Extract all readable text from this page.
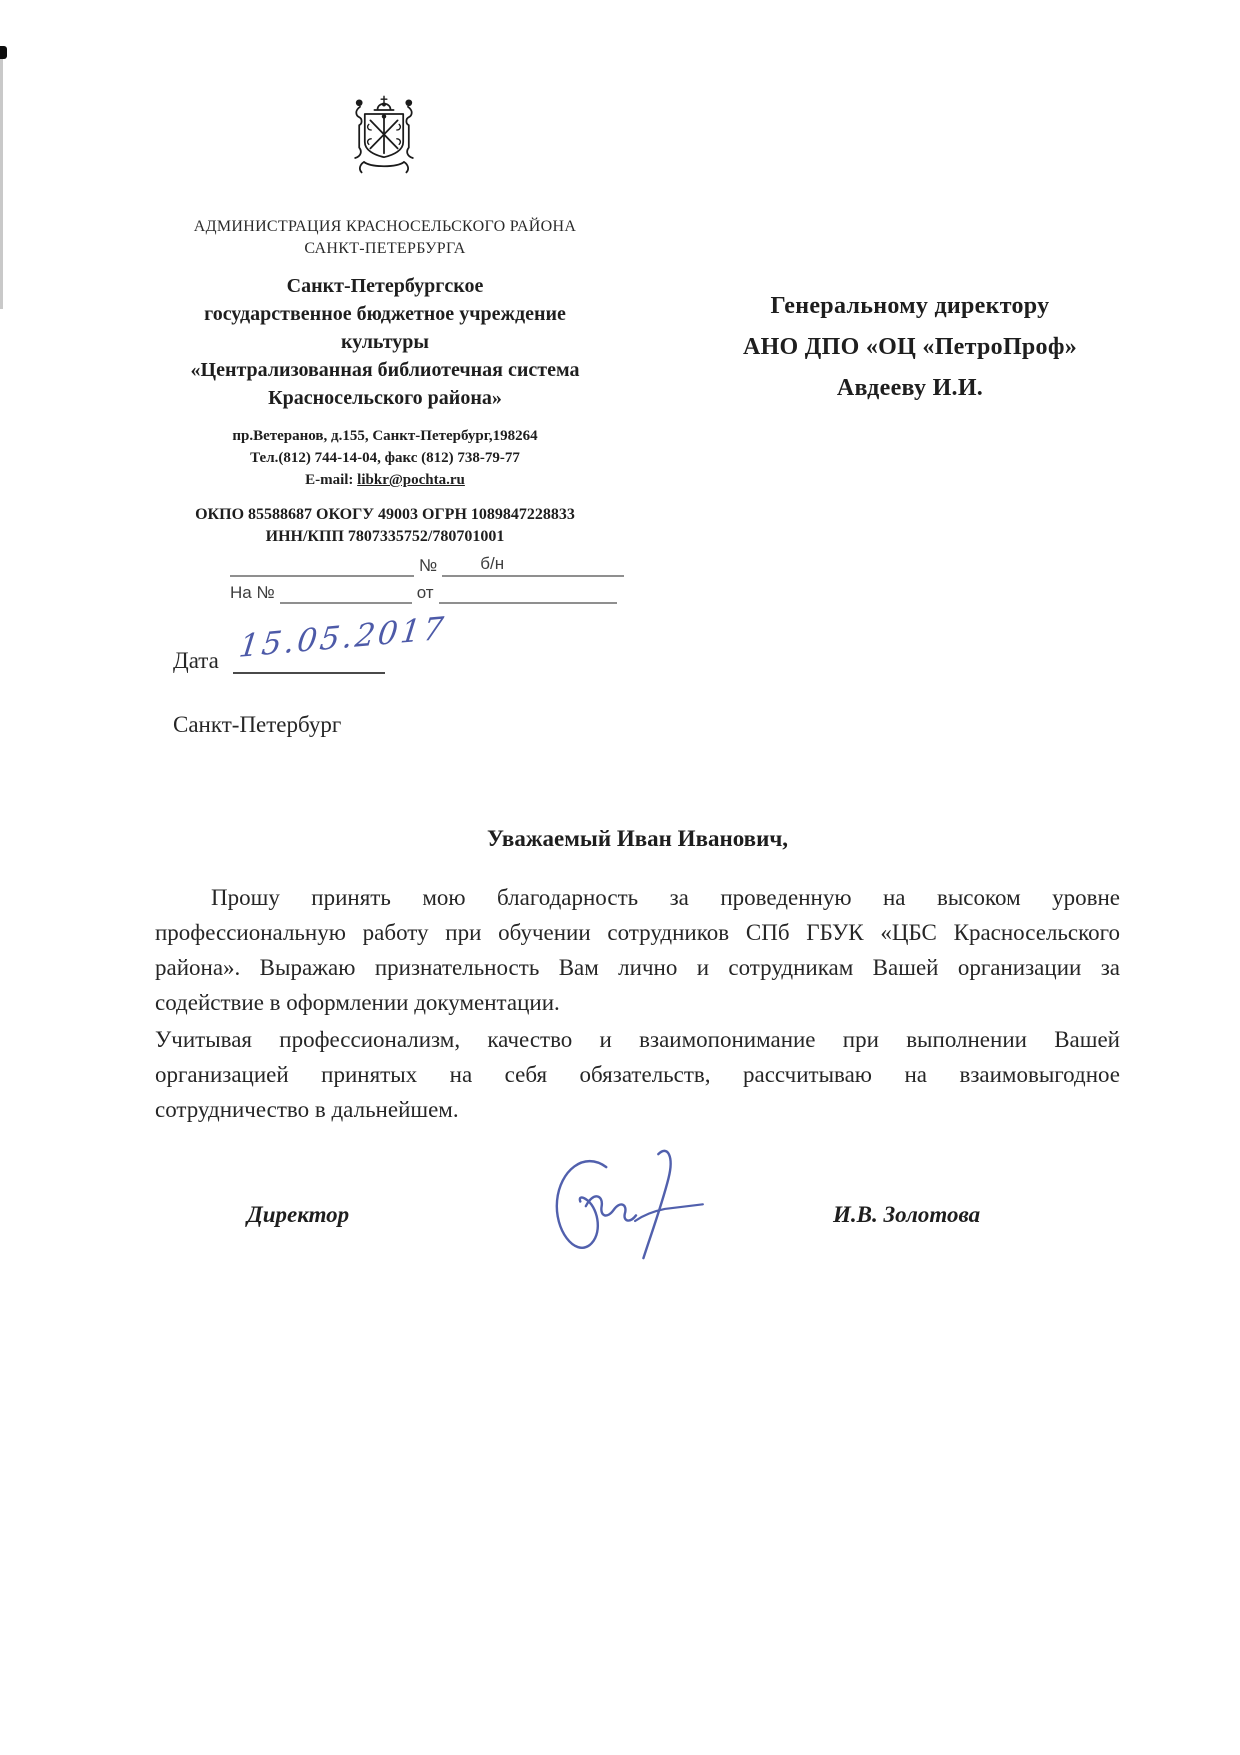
АДМИНИСТРАЦИЯ КРАСНОСЕЛЬСКОГО РАЙОНА
САНКТ-ПЕТЕРБУРГА
Санкт-Петербургское
государственное бюджетное учреждение
культуры
«Централизованная библиотечная система
Красносельского района»
пр.Ветеранов, д.155, Санкт-Петербург,198264
Тел.(812) 744-14-04, факс (812) 738-79-77
E-mail: libkr@pochta.ru
ОКПО 85588687 ОКОГУ 49003 ОГРН 1089847228833
ИНН/КПП 7807335752/780701001
№	б/н
На №	от
Генеральному директору
АНО ДПО «ОЦ «ПетроПроф»
Авдееву И.И.
Дата 15.05.2017
Санкт-Петербург
Уважаемый Иван Иванович,
Прошу принять мою благодарность за проведенную на высоком уровне
профессиональную работу при обучении сотрудников СПб ГБУК «ЦБС Красносельского
района». Выражаю признательность Вам лично и сотрудникам Вашей организации за
содействие в оформлении документации.
Учитывая профессионализм, качество и взаимопонимание при выполнении Вашей
организацией принятых на себя обязательств, рассчитываю на взаимовыгодное
сотрудничество в дальнейшем.
Директор	И.В. Золотова
